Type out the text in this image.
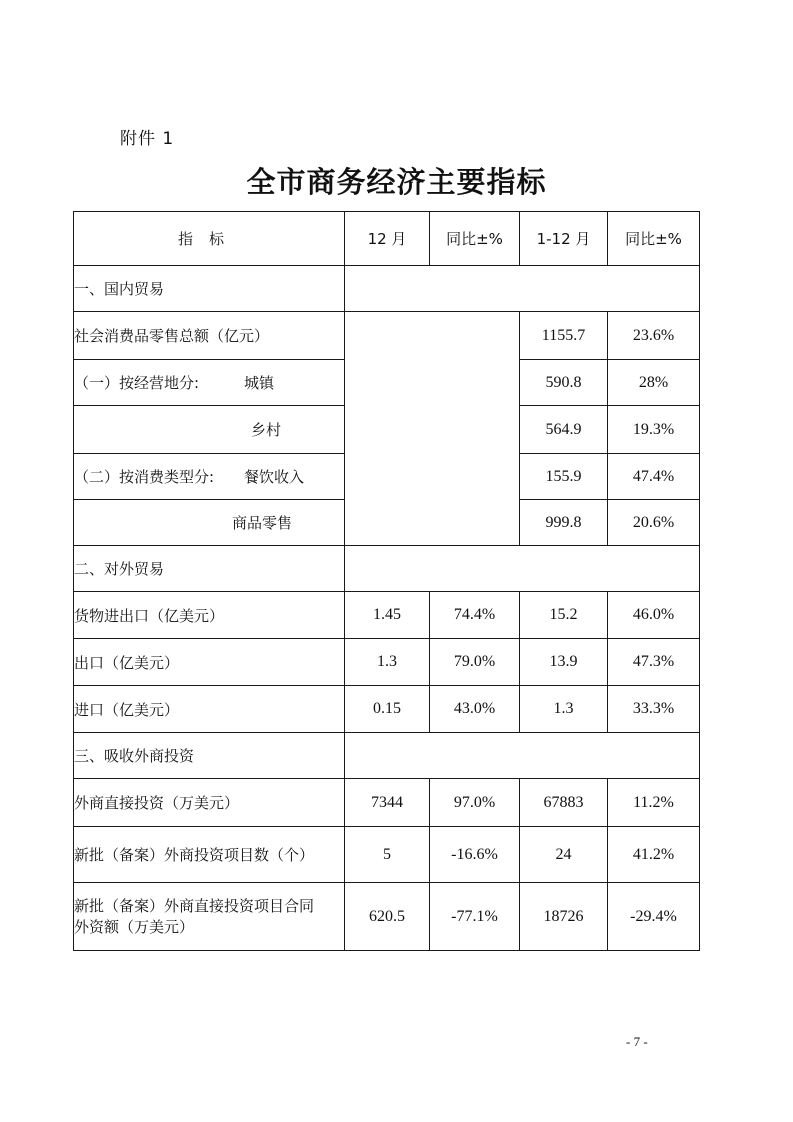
附件 1
全市商务经济主要指标
指标	12 月	同比±%	1-12 月	同比±%
一、国内贸易				
社会消费品零售总额（亿元）			1155.7	23.6%

（一）按经营地分: 城镇			590.8	28%
乡村			564.9	19.3%

（二）按消费类型分: 餐饮收入			155.9	47.4%
商品零售			999.8	20.6%
二、对外贸易				
货物进出口（亿美元）	1.45	74.4%	15.2	46.0%
出口（亿美元）	1.3	79.0%	13.9	47.3%
进口（亿美元）	0.15	43.0%	1.3	33.3%
三、吸收外商投资				
外商直接投资（万美元）	7344	97.0%	67883	11.2%
新批（备案）外商投资项目数（个）	5	-16.6%	24	41.2%

新批（备案）外商直接投资项目合同
外资额（万美元）	620.5	-77.1%	18726	-29.4%
- 7 -
